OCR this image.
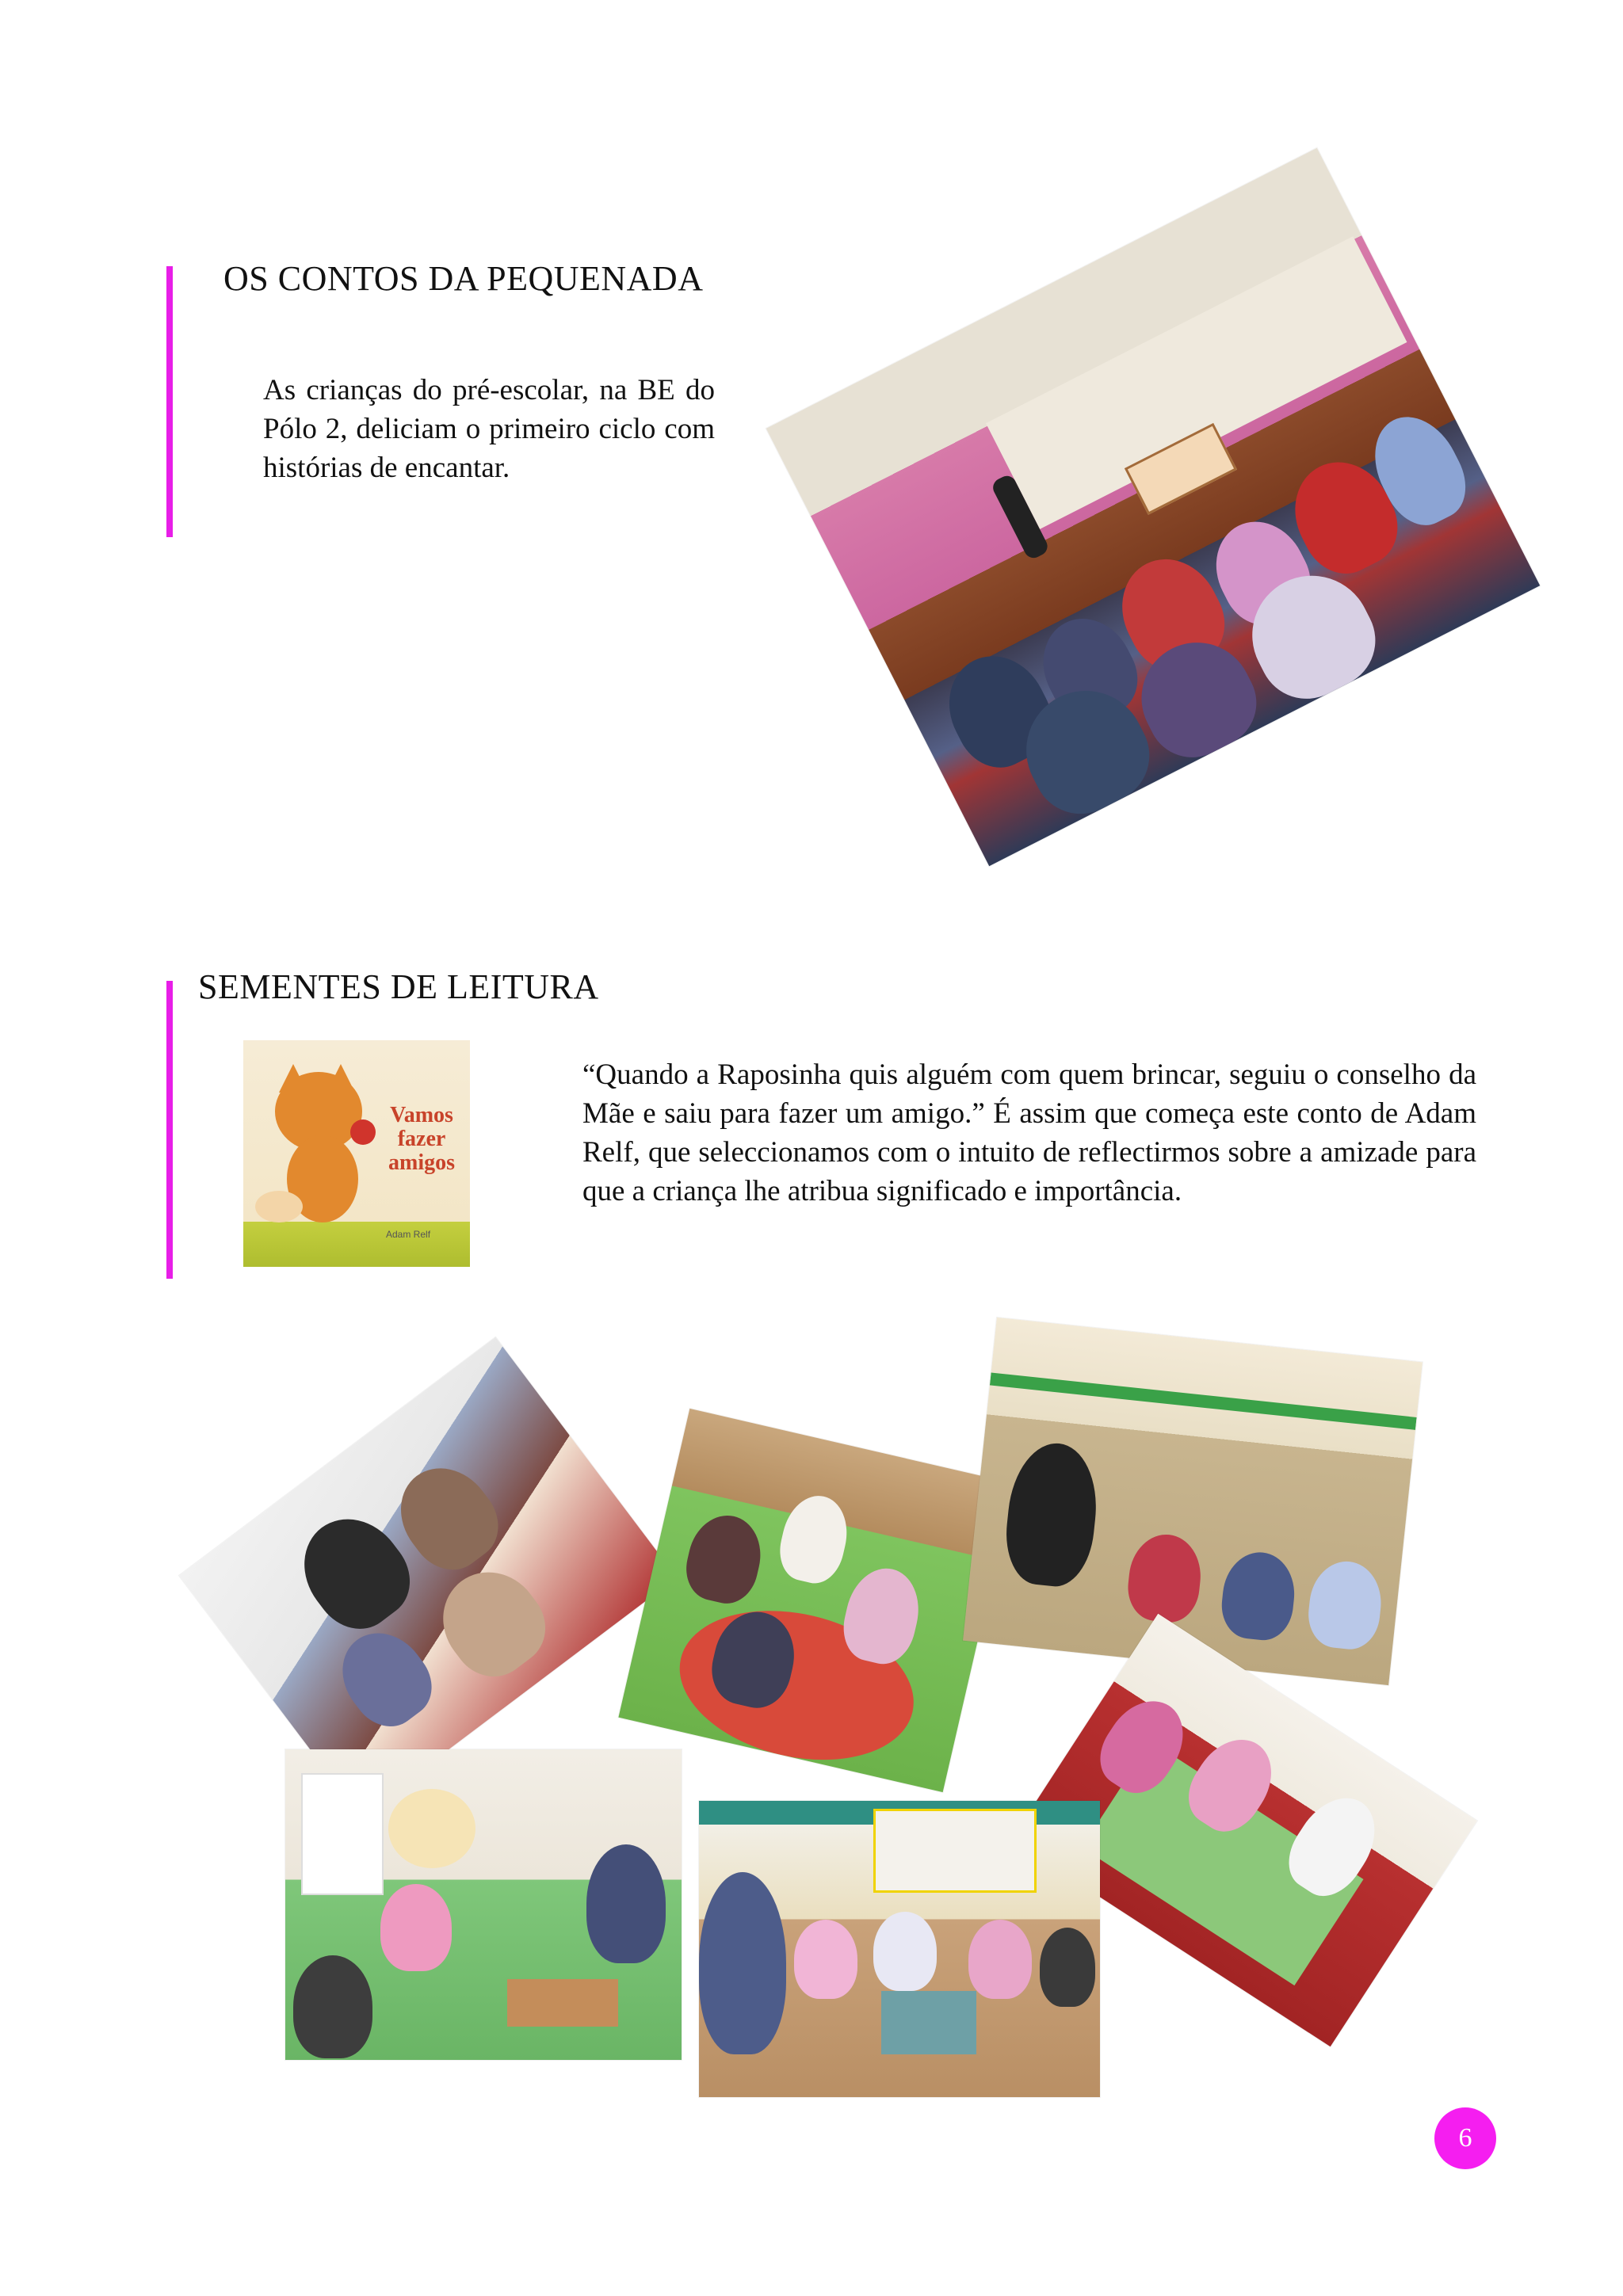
OS CONTOS DA PEQUENADA
As crianças do pré-escolar, na BE do Pólo 2, deliciam o primeiro ciclo com histórias de encantar.
SEMENTES DE LEITURA
Vamos fazer amigos
Adam Relf
“Quando a Raposinha quis alguém com quem brincar, seguiu o conselho da Mãe e saiu para fazer um amigo.” É assim que começa este conto de Adam Relf, que seleccionamos com o intuito de reflectirmos sobre a amizade para que a criança lhe atribua significado e importância.
6
